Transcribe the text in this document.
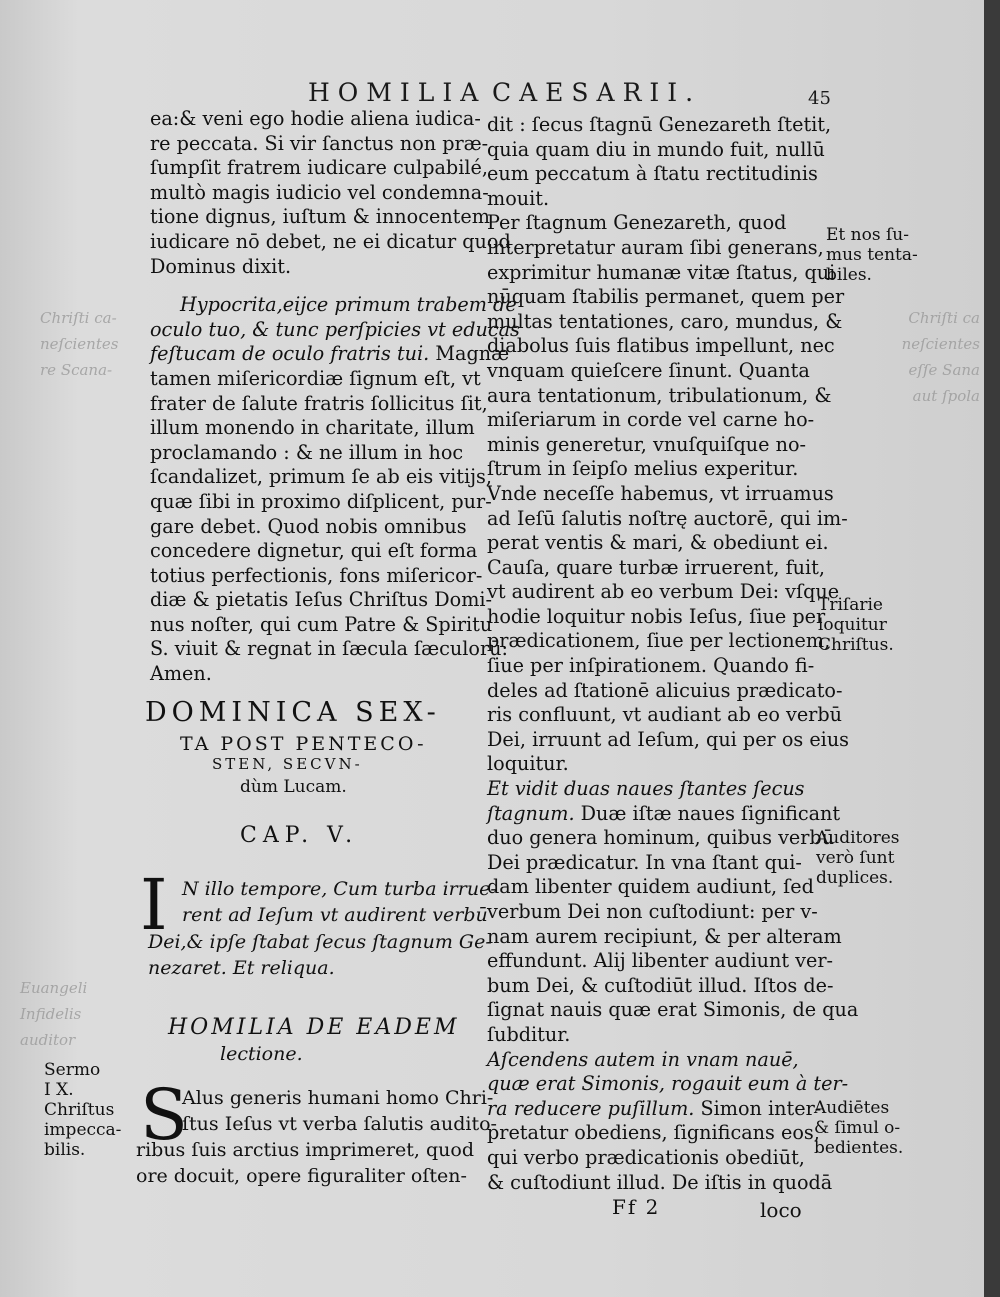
Chriſti ca
neſcientes
eſſe Sana
aut ſpola
Chriſti ca-
neſcientes
re Scana-
Euangeli
Infidelis
auditor
HOMILIA CAESARII.	45
ea:& veni ego hodie aliena iudica-
re peccata. Si vir ſanctus non præ-
ſumpſit fratrem iudicare culpabilé,
multò magis iudicio vel condemna-
tione dignus, iuſtum & innocentem
iudicare nō debet, ne ei dicatur quod
Dominus dixit.
Hypocrita,eijce primum trabem de
oculo tuo, & tunc perſpicies vt educas
feſtucam de oculo fratris tui. Magnæ
tamen miſericordiæ ſignum eſt, vt
frater de ſalute fratris ſollicitus ſit,
illum monendo in charitate, illum
proclamando : & ne illum in hoc
ſcandalizet, primum ſe ab eis vitijs,
quæ ſibi in proximo diſplicent, pur-
gare debet. Quod nobis omnibus
concedere dignetur, qui eſt forma
totius perfectionis, fons miſericor-
diæ & pietatis Ieſus Chriſtus Domi-
nus noſter, qui cum Patre & Spiritu
S. viuit & regnat in ſæcula ſæculorū:
Amen.
DOMINICA SEX-
TA POST PENTECO-
STEN, SECVN-
dùm Lucam.
CAP. V.
I N illo tempore, Cum turba irrue-
rent ad Ieſum vt audirent verbū
Dei,& ipſe ſtabat ſecus ſtagnum Ge-
nezaret. Et reliqua.
HOMILIA DE EADEM
lectione.
S
Alus generis humani homo Chri-
ſtus Ieſus vt verba ſalutis audito-
ribus ſuis arctius imprimeret, quod
ore docuit, opere figuraliter oſten-
Sermo
I X.
Chriſtus
impecca-
bilis.
dit : ſecus ſtagnū Genezareth ſtetit,
quia quam diu in mundo fuit, nullū
eum peccatum à ſtatu rectitudinis
mouit.
Per ſtagnum Genezareth, quod
interpretatur auram ſibi generans,
exprimitur humanæ vitæ ſtatus, qui
nūquam ſtabilis permanet, quem per
multas tentationes, caro, mundus, &
diabolus ſuis flatibus impellunt, nec
vnquam quieſcere ſinunt. Quanta
aura tentationum, tribulationum, &
miſeriarum in corde vel carne ho-
minis generetur, vnuſquiſque no-
ſtrum in ſeipſo melius experitur.
Vnde neceſſe habemus, vt irruamus
ad Ieſū ſalutis noſtrę auctorē, qui im-
perat ventis & mari, & obediunt ei.
Cauſa, quare turbæ irruerent, fuit,
vt audirent ab eo verbum Dei: vſque
hodie loquitur nobis Ieſus, ſiue per
prædicationem, ſiue per lectionem,
ſiue per inſpirationem. Quando fi-
deles ad ſtationē alicuius prædicato-
ris confluunt, vt audiant ab eo verbū
Dei, irruunt ad Ieſum, qui per os eius
loquitur.
Et vidit duas naues ſtantes ſecus
ſtagnum. Duæ iſtæ naues ſignificant
duo genera hominum, quibus verbū
Dei prædicatur. In vna ſtant qui-
dam libenter quidem audiunt, ſed
verbum Dei non cuſtodiunt: per v-
nam aurem recipiunt, & per alteram
effundunt. Alij libenter audiunt ver-
bum Dei, & cuſtodiūt illud. Iſtos de-
ſignat nauis quæ erat Simonis, de qua
ſubditur.
Aſcendens autem in vnam nauē,
quæ erat Simonis, rogauit eum à ter-
ra reducere puſillum. Simon inter-
pretatur obediens, ſignificans eos,
qui verbo prædicationis obediūt,
& cuſtodiunt illud. De iſtis in quodā
Et nos ſu-
mus tenta-
biles.
Triſarie
loquitur
Chriſtus.
Auditores
verò ſunt
duplices.
Audiētes
& ſimul o-
bedientes.
Ff 2	loco
